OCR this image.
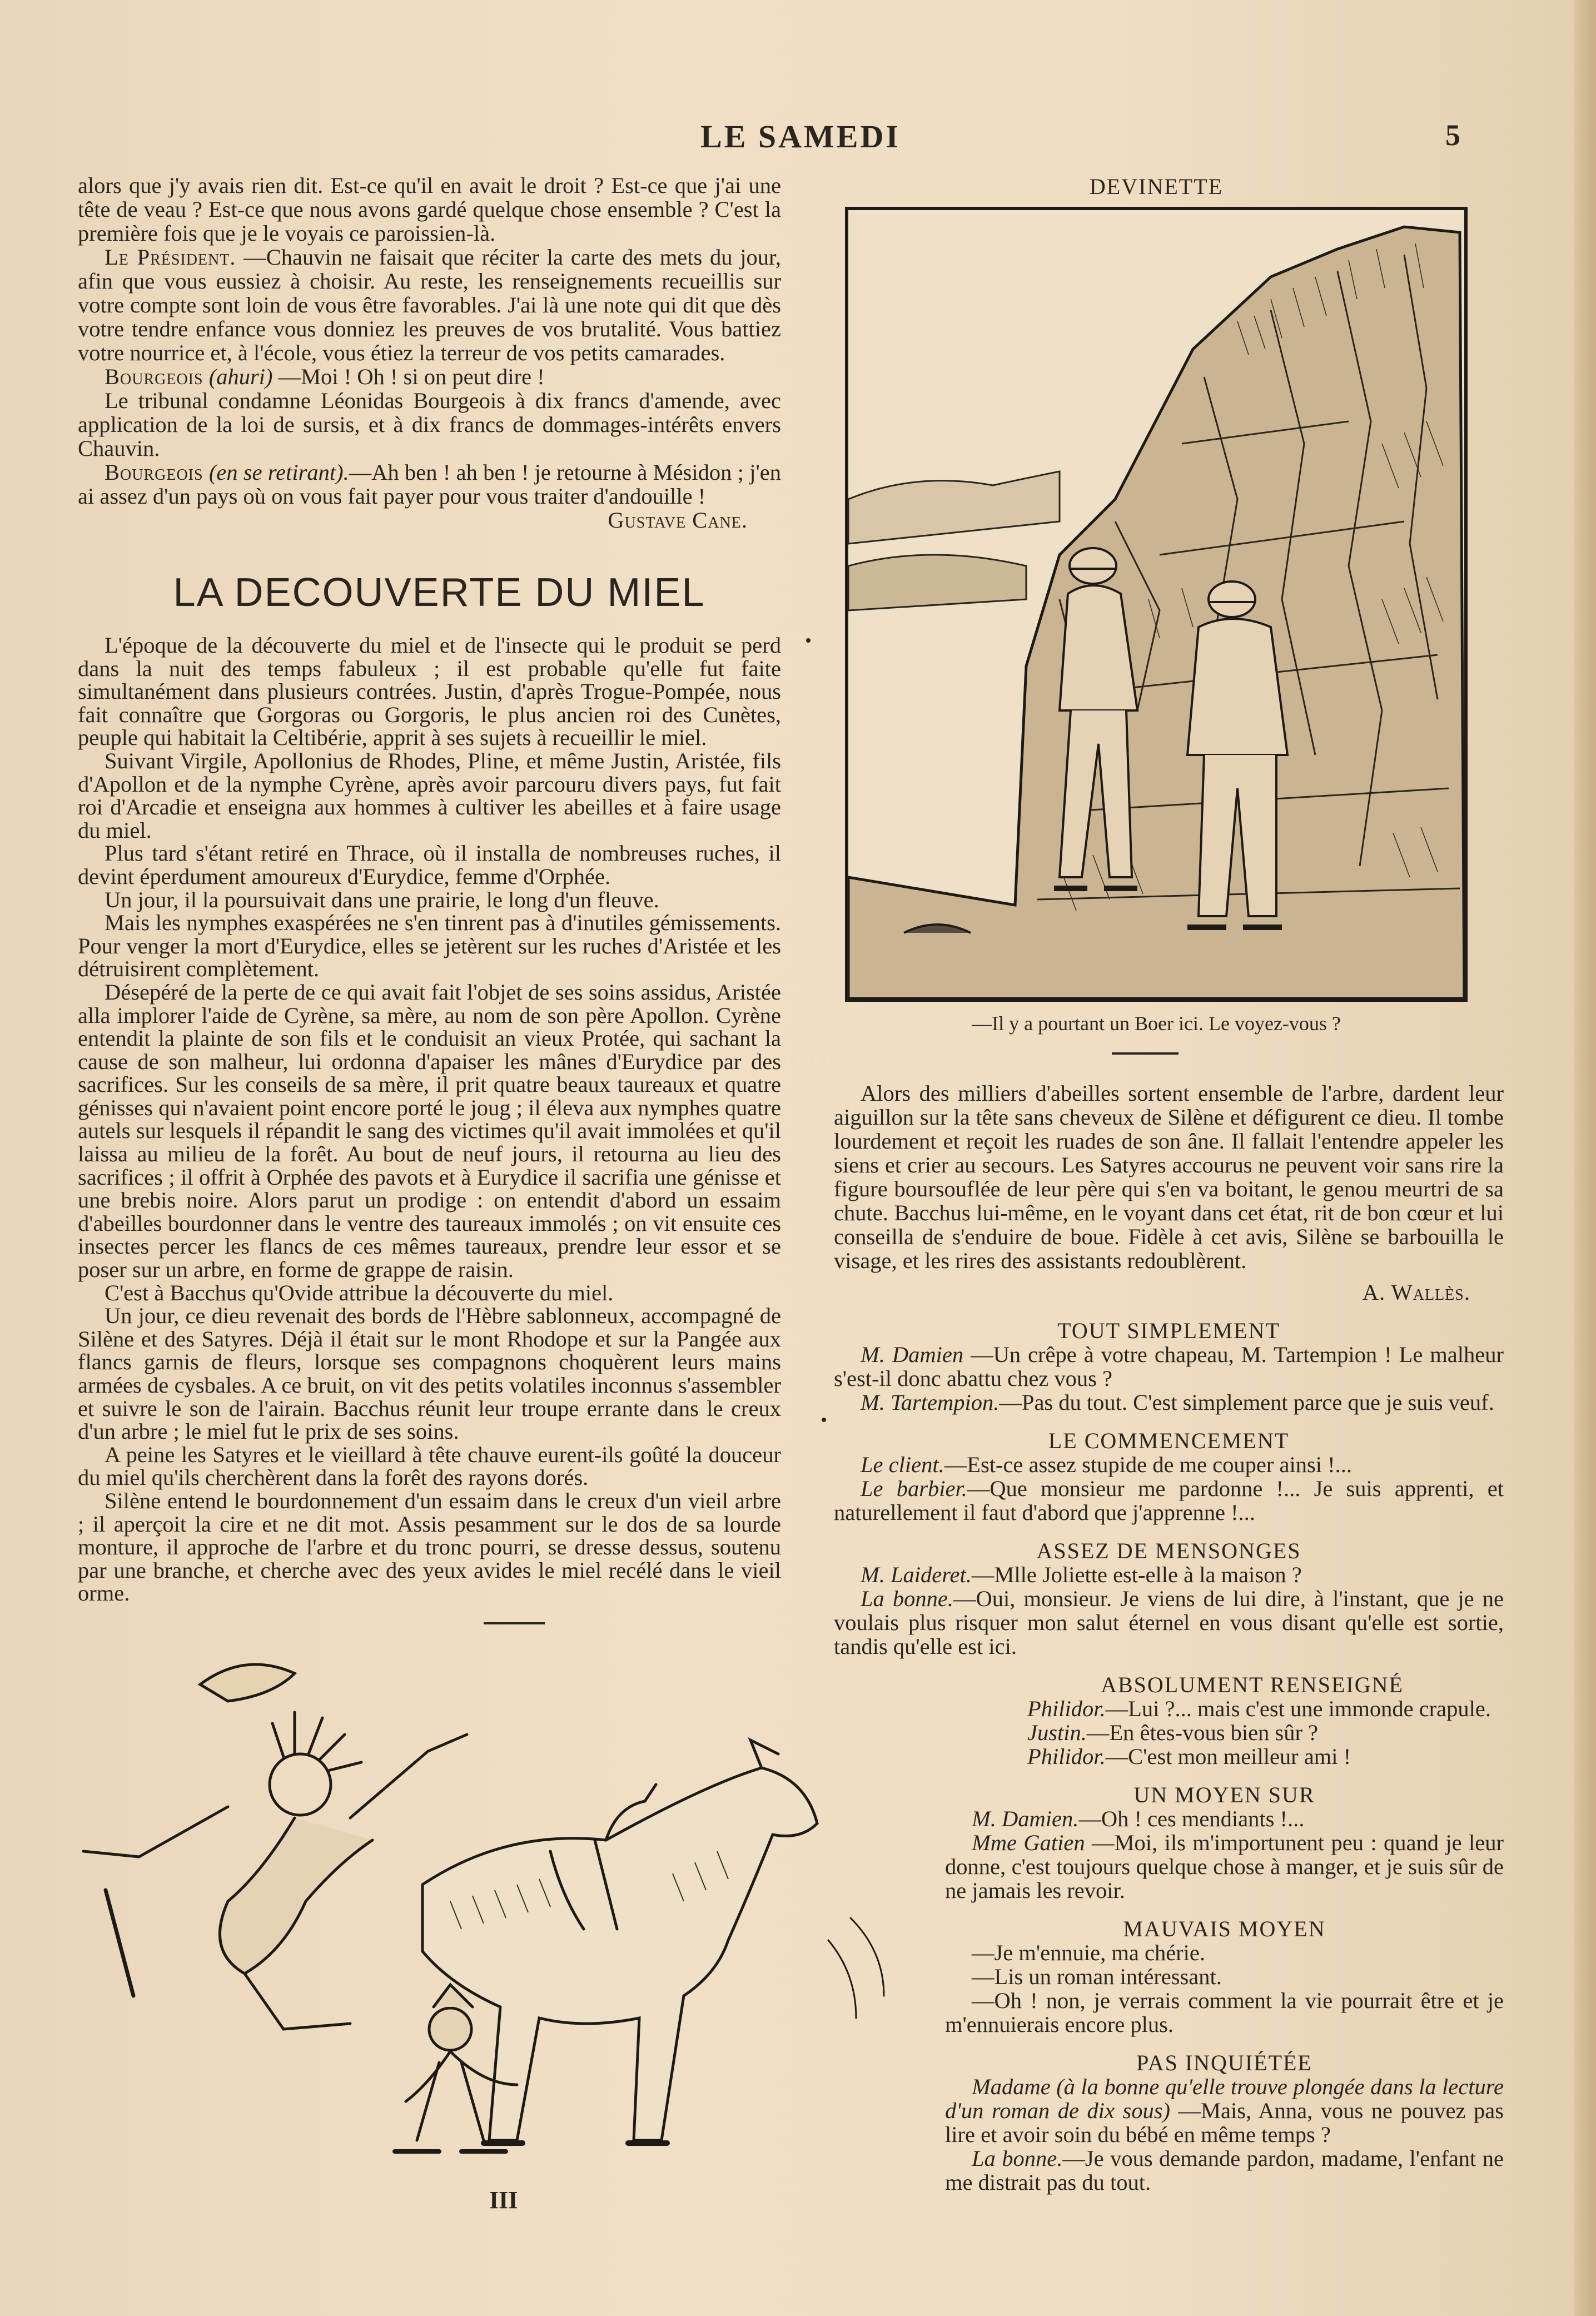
LE SAMEDI	5

alors que j'y avais rien dit. Est-ce qu'il en avait le droit ? Est-ce que j'ai une tête de veau ? Est-ce que nous avons gardé quelque chose ensemble ? C'est la première fois que je le voyais ce paroissien-là.

Le Président. —Chauvin ne faisait que réciter la carte des mets du jour, afin que vous eussiez à choisir. Au reste, les renseignements recueillis sur votre compte sont loin de vous être favorables. J'ai là une note qui dit que dès votre tendre enfance vous donniez les preuves de vos brutalité. Vous battiez votre nourrice et, à l'école, vous étiez la terreur de vos petits camarades.

Bourgeois (ahuri) —Moi ! Oh ! si on peut dire !

Le tribunal condamne Léonidas Bourgeois à dix francs d'amende, avec application de la loi de sursis, et à dix francs de dommages-intérêts envers Chauvin.

Bourgeois (en se retirant).—Ah ben ! ah ben ! je retourne à Mésidon ; j'en ai assez d'un pays où on vous fait payer pour vous traiter d'andouille !

Gustave Cane.

LA DECOUVERTE DU MIEL

L'époque de la découverte du miel et de l'insecte qui le produit se perd dans la nuit des temps fabuleux ; il est probable qu'elle fut faite simultanément dans plusieurs contrées. Justin, d'après Trogue-Pompée, nous fait connaître que Gorgoras ou Gorgoris, le plus ancien roi des Cunètes, peuple qui habitait la Celtibérie, apprit à ses sujets à recueillir le miel.

Suivant Virgile, Apollonius de Rhodes, Pline, et même Justin, Aristée, fils d'Apollon et de la nymphe Cyrène, après avoir parcouru divers pays, fut fait roi d'Arcadie et enseigna aux hommes à cultiver les abeilles et à faire usage du miel.

Plus tard s'étant retiré en Thrace, où il installa de nombreuses ruches, il devint éperdument amoureux d'Eurydice, femme d'Orphée.

Un jour, il la poursuivait dans une prairie, le long d'un fleuve.

Mais les nymphes exaspérées ne s'en tinrent pas à d'inutiles gémissements. Pour venger la mort d'Eurydice, elles se jetèrent sur les ruches d'Aristée et les détruisirent complètement.

Désepéré de la perte de ce qui avait fait l'objet de ses soins assidus, Aristée alla implorer l'aide de Cyrène, sa mère, au nom de son père Apollon. Cyrène entendit la plainte de son fils et le conduisit an vieux Protée, qui sachant la cause de son malheur, lui ordonna d'apaiser les mânes d'Eurydice par des sacrifices. Sur les conseils de sa mère, il prit quatre beaux taureaux et quatre génisses qui n'avaient point encore porté le joug ; il éleva aux nymphes quatre autels sur lesquels il répandit le sang des victimes qu'il avait immolées et qu'il laissa au milieu de la forêt. Au bout de neuf jours, il retourna au lieu des sacrifices ; il offrit à Orphée des pavots et à Eurydice il sacrifia une génisse et une brebis noire. Alors parut un prodige : on entendit d'abord un essaim d'abeilles bourdonner dans le ventre des taureaux immolés ; on vit ensuite ces insectes percer les flancs de ces mêmes taureaux, prendre leur essor et se poser sur un arbre, en forme de grappe de raisin.

C'est à Bacchus qu'Ovide attribue la découverte du miel.

Un jour, ce dieu revenait des bords de l'Hèbre sablonneux, accompagné de Silène et des Satyres. Déjà il était sur le mont Rhodope et sur la Pangée aux flancs garnis de fleurs, lorsque ses compagnons choquèrent leurs mains armées de cysbales. A ce bruit, on vit des petits volatiles inconnus s'assembler et suivre le son de l'airain. Bacchus réunit leur troupe errante dans le creux d'un arbre ; le miel fut le prix de ses soins.

A peine les Satyres et le vieillard à tête chauve eurent-ils goûté la douceur du miel qu'ils cherchèrent dans la forêt des rayons dorés.

Silène entend le bourdonnement d'un essaim dans le creux d'un vieil arbre ; il aperçoit la cire et ne dit mot. Assis pesamment sur le dos de sa lourde monture, il approche de l'arbre et du tronc pourri, se dresse dessus, soutenu par une branche, et cherche avec des yeux avides le miel recélé dans le vieil orme.

DEVINETTE
—Il y a pourtant un Boer ici. Le voyez-vous ?

Alors des milliers d'abeilles sortent ensemble de l'arbre, dardent leur aiguillon sur la tête sans cheveux de Silène et défigurent ce dieu. Il tombe lourdement et reçoit les ruades de son âne. Il fallait l'entendre appeler les siens et crier au secours. Les Satyres accourus ne peuvent voir sans rire la figure boursouflée de leur père qui s'en va boitant, le genou meurtri de sa chute. Bacchus lui-même, en le voyant dans cet état, rit de bon cœur et lui conseilla de s'enduire de boue. Fidèle à cet avis, Silène se barbouilla le visage, et les rires des assistants redoublèrent.

A. Wallès.

TOUT SIMPLEMENT

M. Damien —Un crêpe à votre chapeau, M. Tartempion ! Le malheur s'est-il donc abattu chez vous ?

M. Tartempion.—Pas du tout. C'est simplement parce que je suis veuf.

LE COMMENCEMENT

Le client.—Est-ce assez stupide de me couper ainsi !...

Le barbier.—Que monsieur me pardonne !... Je suis apprenti, et naturellement il faut d'abord que j'apprenne !...

ASSEZ DE MENSONGES

M. Laideret.—Mlle Joliette est-elle à la maison ?

La bonne.—Oui, monsieur. Je viens de lui dire, à l'instant, que je ne voulais plus risquer mon salut éternel en vous disant qu'elle est sortie, tandis qu'elle est ici.

ABSOLUMENT RENSEIGNÉ

Philidor.—Lui ?... mais c'est une immonde crapule.

Justin.—En êtes-vous bien sûr ?

Philidor.—C'est mon meilleur ami !

UN MOYEN SUR

M. Damien.—Oh ! ces mendiants !...

Mme Gatien —Moi, ils m'importunent peu : quand je leur donne, c'est toujours quelque chose à manger, et je suis sûr de ne jamais les revoir.

MAUVAIS MOYEN

—Je m'ennuie, ma chérie.

—Lis un roman intéressant.

—Oh ! non, je verrais comment la vie pourrait être et je m'ennuierais encore plus.

PAS INQUIÉTÉE

Madame (à la bonne qu'elle trouve plongée dans la lecture d'un roman de dix sous) —Mais, Anna, vous ne pouvez pas lire et avoir soin du bébé en même temps ?

La bonne.—Je vous demande pardon, madame, l'enfant ne me distrait pas du tout.

III
